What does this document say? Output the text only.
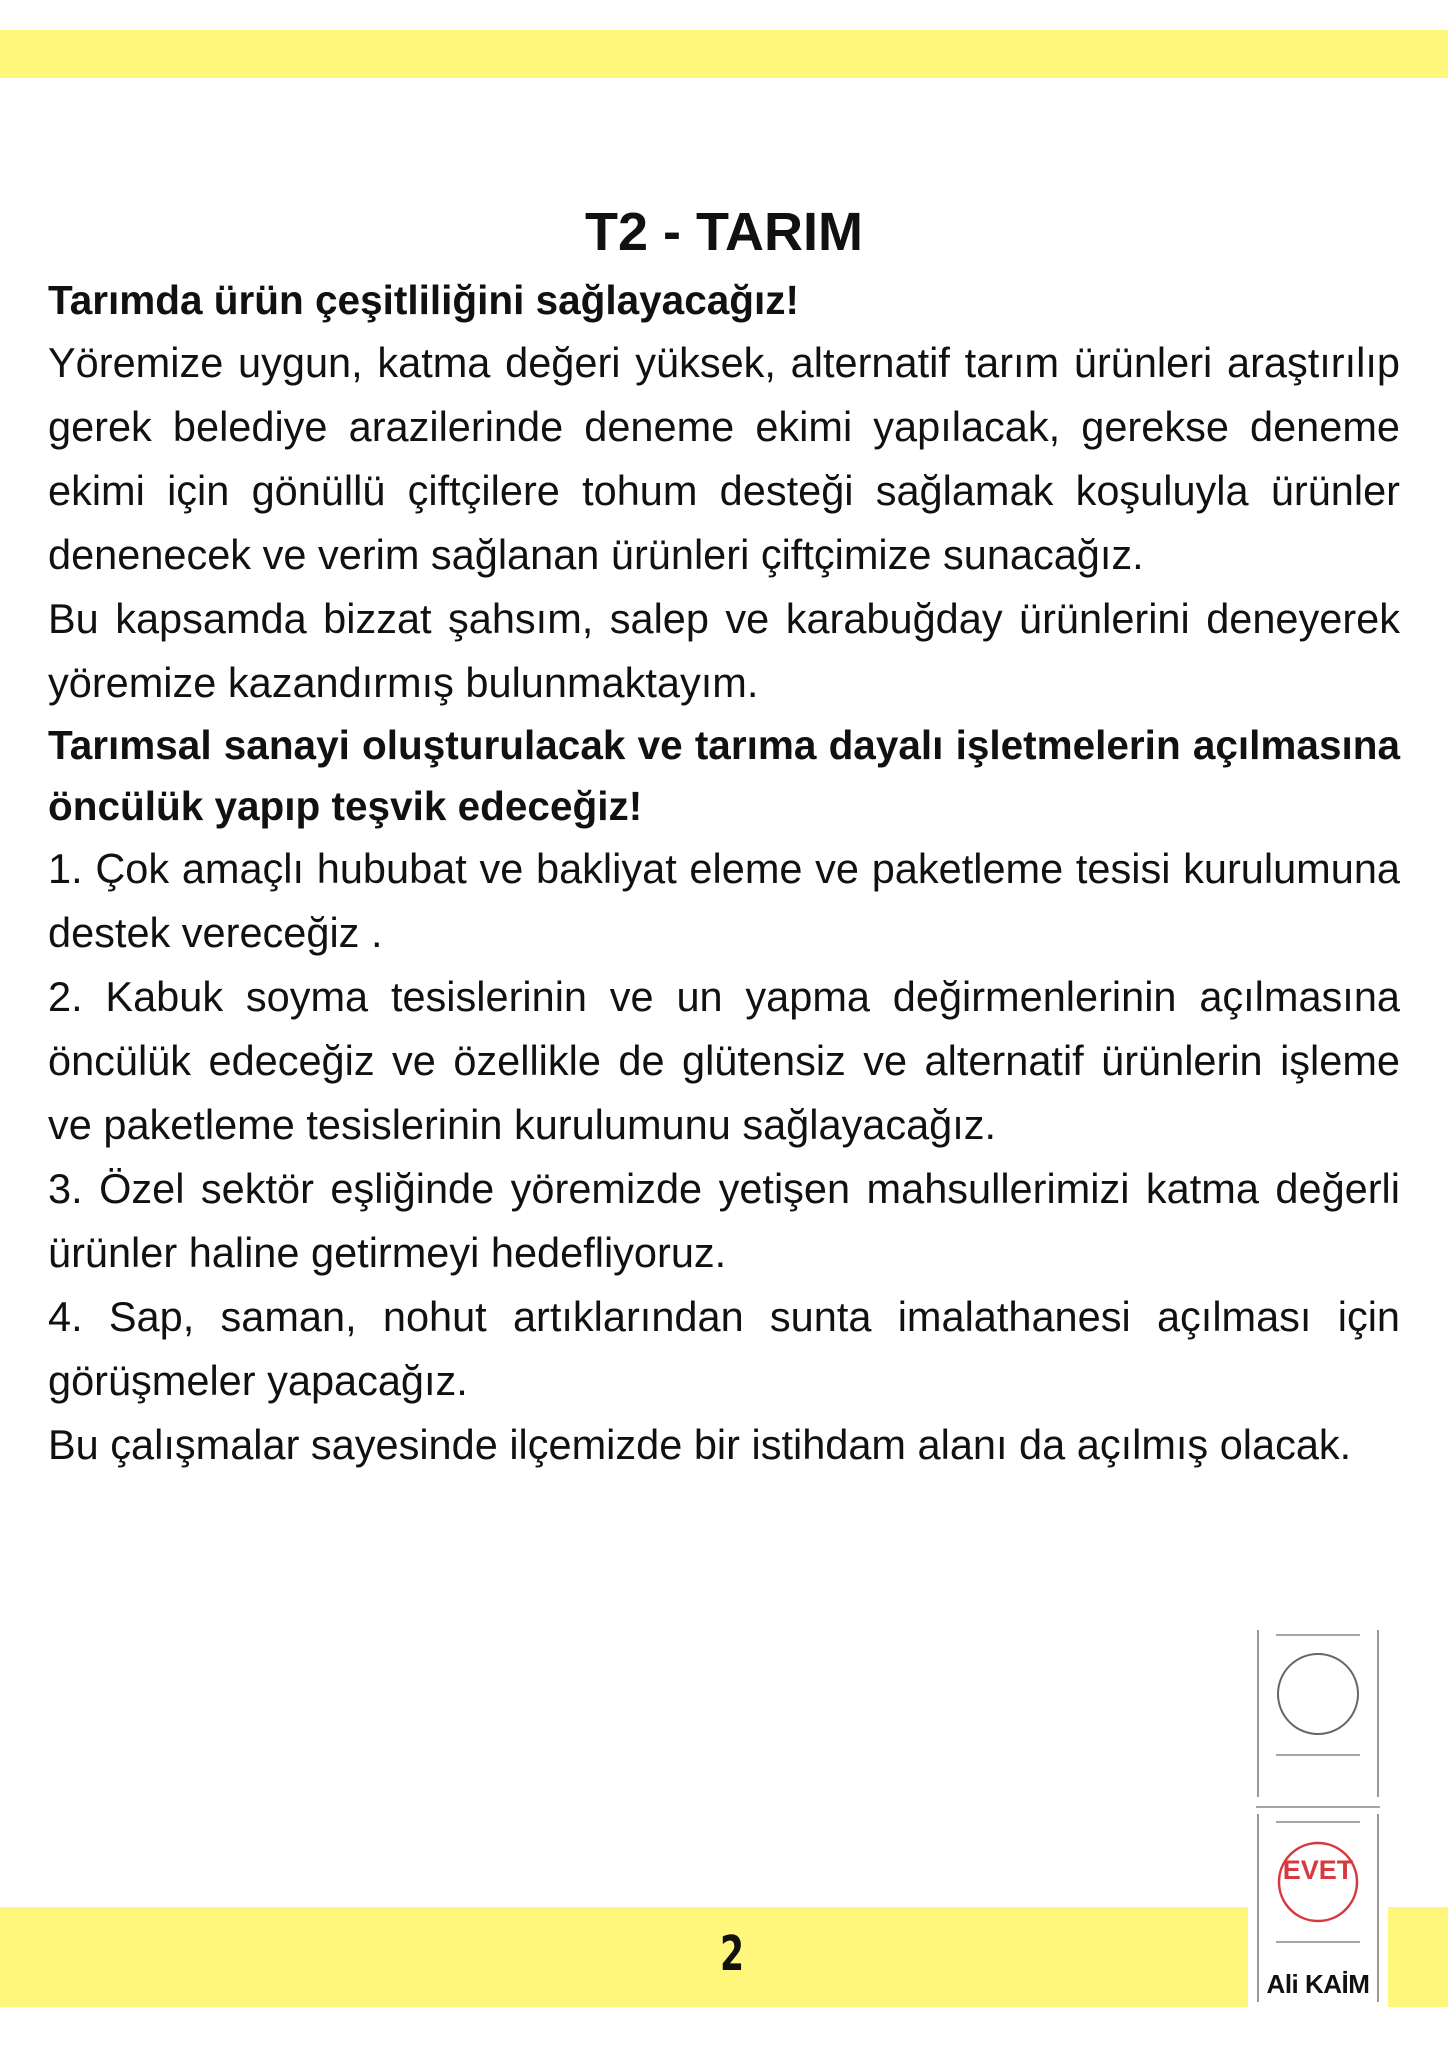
T2 - TARIM

Tarımda ürün çeşitliliğini sağlayacağız!

Yöremize uygun, katma değeri yüksek, alternatif tarım ürünleri araştırılıp gerek belediye arazilerinde deneme ekimi yapılacak, gerekse deneme ekimi için gönüllü çiftçilere tohum desteği sağlamak koşuluyla ürünler denenecek ve verim sağlanan ürünleri çiftçimize sunacağız.

Bu kapsamda bizzat şahsım, salep ve karabuğday ürünlerini deneyerek yöremize kazandırmış bulunmaktayım.

Tarımsal sanayi oluşturulacak ve tarıma dayalı işletmelerin açılmasına öncülük yapıp teşvik edeceğiz!

1. Çok amaçlı hububat ve bakliyat eleme ve paketleme tesisi kurulumuna destek vereceğiz .

2. Kabuk soyma tesislerinin ve un yapma değirmenlerinin açılmasına öncülük edeceğiz ve özellikle de glütensiz ve alternatif ürünlerin işleme ve paketleme tesislerinin kurulumunu sağlayacağız.

3. Özel sektör eşliğinde yöremizde yetişen mahsullerimizi katma değerli ürünler haline getirmeyi hedefliyoruz.

4. Sap, saman, nohut artıklarından sunta imalathanesi açılması için görüşmeler yapacağız.

Bu çalışmalar sayesinde ilçemizde bir istihdam alanı da açılmış olacak.

2
EVET
Ali KAİM
